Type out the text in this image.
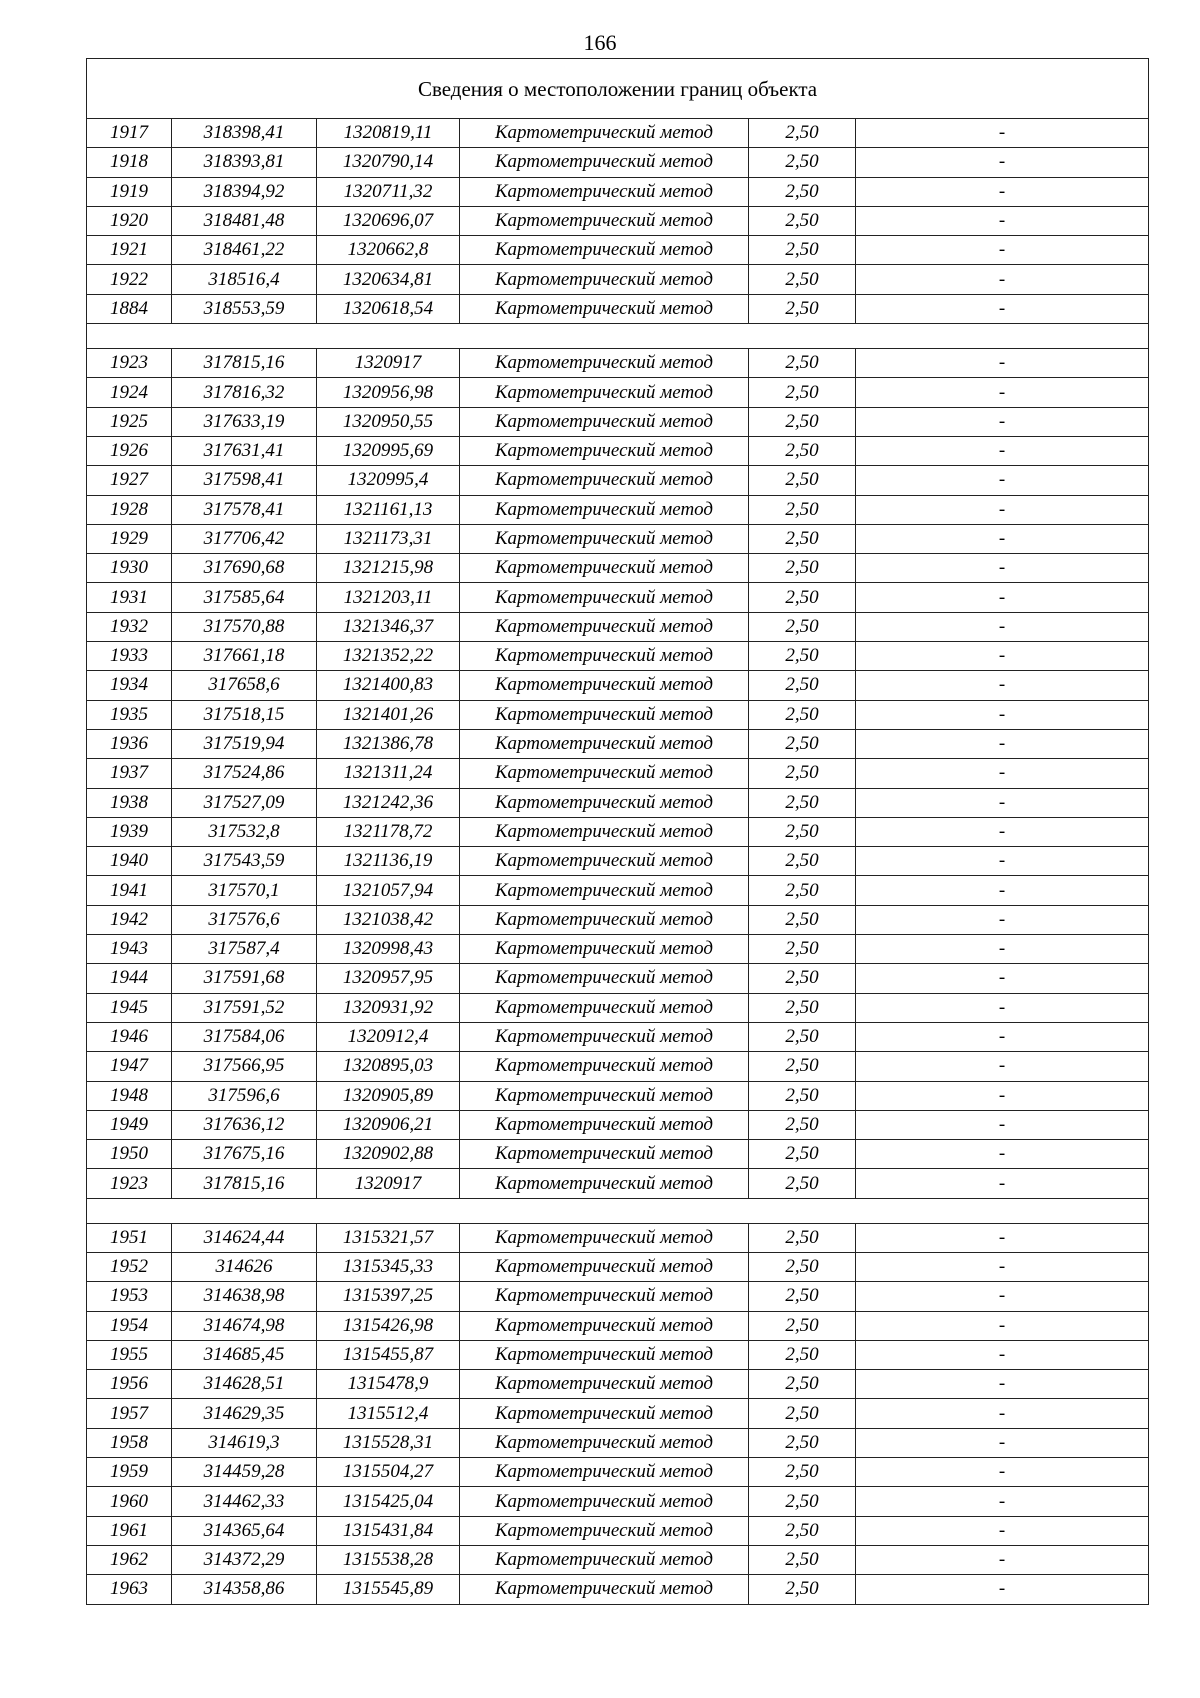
166
Сведения о местоположении границ объекта					
1917	318398,41	1320819,11	Картометрический метод	2,50	-
1918	318393,81	1320790,14	Картометрический метод	2,50	-
1919	318394,92	1320711,32	Картометрический метод	2,50	-
1920	318481,48	1320696,07	Картометрический метод	2,50	-
1921	318461,22	1320662,8	Картометрический метод	2,50	-
1922	318516,4	1320634,81	Картометрический метод	2,50	-
1884	318553,59	1320618,54	Картометрический метод	2,50	-

1923	317815,16	1320917	Картометрический метод	2,50	-
1924	317816,32	1320956,98	Картометрический метод	2,50	-
1925	317633,19	1320950,55	Картометрический метод	2,50	-
1926	317631,41	1320995,69	Картометрический метод	2,50	-
1927	317598,41	1320995,4	Картометрический метод	2,50	-
1928	317578,41	1321161,13	Картометрический метод	2,50	-
1929	317706,42	1321173,31	Картометрический метод	2,50	-
1930	317690,68	1321215,98	Картометрический метод	2,50	-
1931	317585,64	1321203,11	Картометрический метод	2,50	-
1932	317570,88	1321346,37	Картометрический метод	2,50	-
1933	317661,18	1321352,22	Картометрический метод	2,50	-
1934	317658,6	1321400,83	Картометрический метод	2,50	-
1935	317518,15	1321401,26	Картометрический метод	2,50	-
1936	317519,94	1321386,78	Картометрический метод	2,50	-
1937	317524,86	1321311,24	Картометрический метод	2,50	-
1938	317527,09	1321242,36	Картометрический метод	2,50	-
1939	317532,8	1321178,72	Картометрический метод	2,50	-
1940	317543,59	1321136,19	Картометрический метод	2,50	-
1941	317570,1	1321057,94	Картометрический метод	2,50	-
1942	317576,6	1321038,42	Картометрический метод	2,50	-
1943	317587,4	1320998,43	Картометрический метод	2,50	-
1944	317591,68	1320957,95	Картометрический метод	2,50	-
1945	317591,52	1320931,92	Картометрический метод	2,50	-
1946	317584,06	1320912,4	Картометрический метод	2,50	-
1947	317566,95	1320895,03	Картометрический метод	2,50	-
1948	317596,6	1320905,89	Картометрический метод	2,50	-
1949	317636,12	1320906,21	Картометрический метод	2,50	-
1950	317675,16	1320902,88	Картометрический метод	2,50	-
1923	317815,16	1320917	Картометрический метод	2,50	-

1951	314624,44	1315321,57	Картометрический метод	2,50	-
1952	314626	1315345,33	Картометрический метод	2,50	-
1953	314638,98	1315397,25	Картометрический метод	2,50	-
1954	314674,98	1315426,98	Картометрический метод	2,50	-
1955	314685,45	1315455,87	Картометрический метод	2,50	-
1956	314628,51	1315478,9	Картометрический метод	2,50	-
1957	314629,35	1315512,4	Картометрический метод	2,50	-
1958	314619,3	1315528,31	Картометрический метод	2,50	-
1959	314459,28	1315504,27	Картометрический метод	2,50	-
1960	314462,33	1315425,04	Картометрический метод	2,50	-
1961	314365,64	1315431,84	Картометрический метод	2,50	-
1962	314372,29	1315538,28	Картометрический метод	2,50	-
1963	314358,86	1315545,89	Картометрический метод	2,50	-
